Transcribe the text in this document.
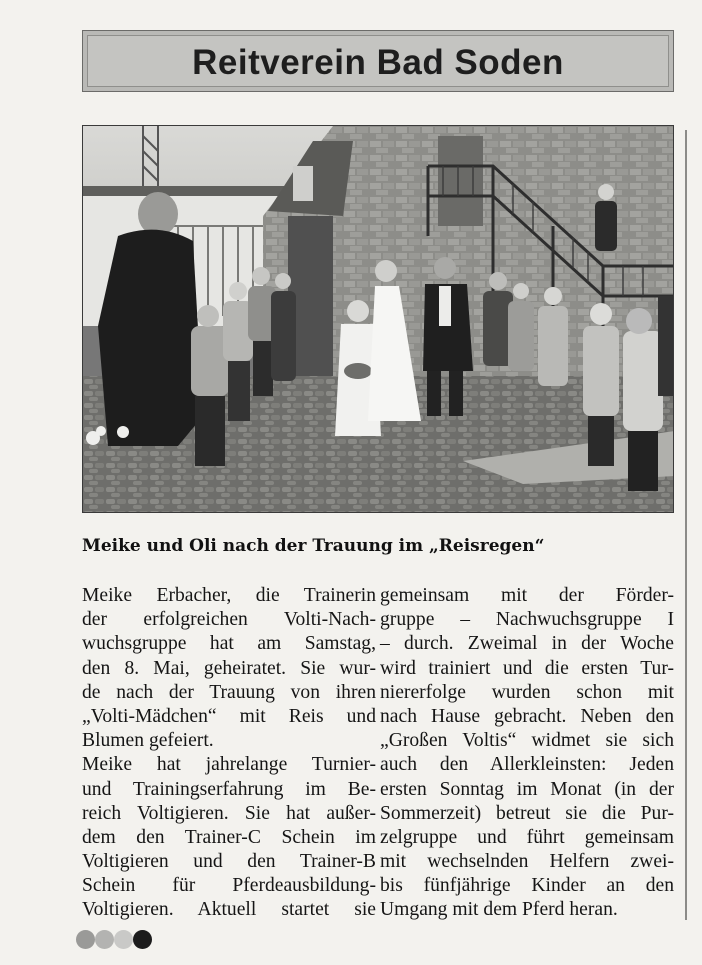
Reitverein Bad Soden
Meike und Oli nach der Trauung im „Reisregen“
Meike Erbacher, die Trainerin
der erfolgreichen Volti-Nach-
wuchsgruppe hat am Samstag,
den 8. Mai, geheiratet. Sie wur-
de nach der Trauung von ihren
„Volti-Mädchen“ mit Reis und
Blumen gefeiert.
Meike hat jahrelange Turnier-
und Trainingserfahrung im Be-
reich Voltigieren. Sie hat außer-
dem den Trainer-C Schein im
Voltigieren und den Trainer-B
Schein für Pferdeausbildung-
Voltigieren. Aktuell startet sie
gemeinsam mit der Förder-
gruppe – Nachwuchsgruppe I
– durch. Zweimal in der Woche
wird trainiert und die ersten Tur-
niererfolge wurden schon mit
nach Hause gebracht. Neben den
„Großen Voltis“ widmet sie sich
auch den Allerkleinsten: Jeden
ersten Sonntag im Monat (in der
Sommerzeit) betreut sie die Pur-
zelgruppe und führt gemeinsam
mit wechselnden Helfern zwei-
bis fünfjährige Kinder an den
Umgang mit dem Pferd heran.
